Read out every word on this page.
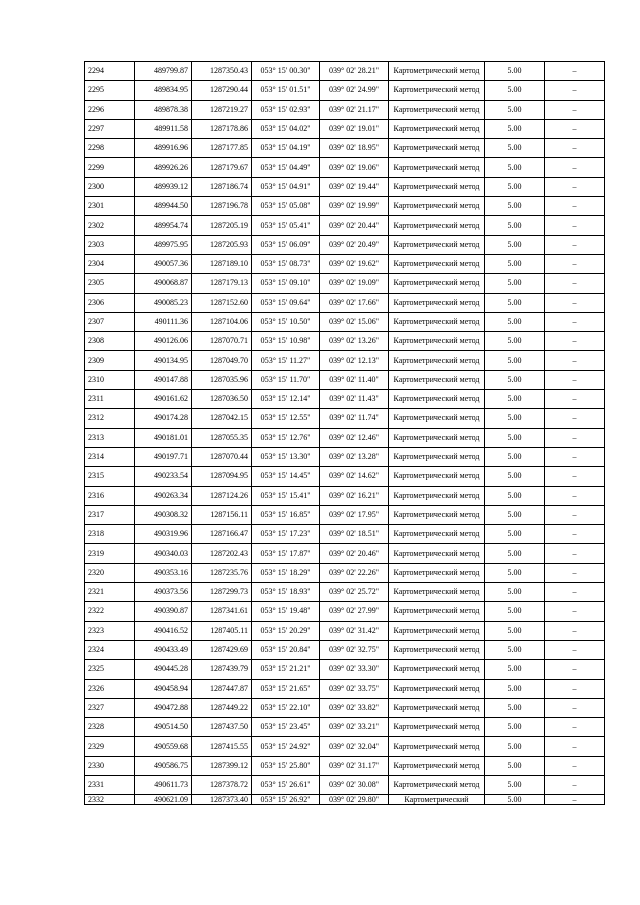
2294	489799.87	1287350.43	053° 15' 00.30"	039° 02' 28.21"	Картометрический метод	5.00	–
2295	489834.95	1287290.44	053° 15' 01.51"	039° 02' 24.99"	Картометрический метод	5.00	–
2296	489878.38	1287219.27	053° 15' 02.93"	039° 02' 21.17"	Картометрический метод	5.00	–
2297	489911.58	1287178.86	053° 15' 04.02"	039° 02' 19.01"	Картометрический метод	5.00	–
2298	489916.96	1287177.85	053° 15' 04.19"	039° 02' 18.95"	Картометрический метод	5.00	–
2299	489926.26	1287179.67	053° 15' 04.49"	039° 02' 19.06"	Картометрический метод	5.00	–
2300	489939.12	1287186.74	053° 15' 04.91"	039° 02' 19.44"	Картометрический метод	5.00	–
2301	489944.50	1287196.78	053° 15' 05.08"	039° 02' 19.99"	Картометрический метод	5.00	–
2302	489954.74	1287205.19	053° 15' 05.41"	039° 02' 20.44"	Картометрический метод	5.00	–
2303	489975.95	1287205.93	053° 15' 06.09"	039° 02' 20.49"	Картометрический метод	5.00	–
2304	490057.36	1287189.10	053° 15' 08.73"	039° 02' 19.62"	Картометрический метод	5.00	–
2305	490068.87	1287179.13	053° 15' 09.10"	039° 02' 19.09"	Картометрический метод	5.00	–
2306	490085.23	1287152.60	053° 15' 09.64"	039° 02' 17.66"	Картометрический метод	5.00	–
2307	490111.36	1287104.06	053° 15' 10.50"	039° 02' 15.06"	Картометрический метод	5.00	–
2308	490126.06	1287070.71	053° 15' 10.98"	039° 02' 13.26"	Картометрический метод	5.00	–
2309	490134.95	1287049.70	053° 15' 11.27"	039° 02' 12.13"	Картометрический метод	5.00	–
2310	490147.88	1287035.96	053° 15' 11.70"	039° 02' 11.40"	Картометрический метод	5.00	–
2311	490161.62	1287036.50	053° 15' 12.14"	039° 02' 11.43"	Картометрический метод	5.00	–
2312	490174.28	1287042.15	053° 15' 12.55"	039° 02' 11.74"	Картометрический метод	5.00	–
2313	490181.01	1287055.35	053° 15' 12.76"	039° 02' 12.46"	Картометрический метод	5.00	–
2314	490197.71	1287070.44	053° 15' 13.30"	039° 02' 13.28"	Картометрический метод	5.00	–
2315	490233.54	1287094.95	053° 15' 14.45"	039° 02' 14.62"	Картометрический метод	5.00	–
2316	490263.34	1287124.26	053° 15' 15.41"	039° 02' 16.21"	Картометрический метод	5.00	–
2317	490308.32	1287156.11	053° 15' 16.85"	039° 02' 17.95"	Картометрический метод	5.00	–
2318	490319.96	1287166.47	053° 15' 17.23"	039° 02' 18.51"	Картометрический метод	5.00	–
2319	490340.03	1287202.43	053° 15' 17.87"	039° 02' 20.46"	Картометрический метод	5.00	–
2320	490353.16	1287235.76	053° 15' 18.29"	039° 02' 22.26"	Картометрический метод	5.00	–
2321	490373.56	1287299.73	053° 15' 18.93"	039° 02' 25.72"	Картометрический метод	5.00	–
2322	490390.87	1287341.61	053° 15' 19.48"	039° 02' 27.99"	Картометрический метод	5.00	–
2323	490416.52	1287405.11	053° 15' 20.29"	039° 02' 31.42"	Картометрический метод	5.00	–
2324	490433.49	1287429.69	053° 15' 20.84"	039° 02' 32.75"	Картометрический метод	5.00	–
2325	490445.28	1287439.79	053° 15' 21.21"	039° 02' 33.30"	Картометрический метод	5.00	–
2326	490458.94	1287447.87	053° 15' 21.65"	039° 02' 33.75"	Картометрический метод	5.00	–
2327	490472.88	1287449.22	053° 15' 22.10"	039° 02' 33.82"	Картометрический метод	5.00	–
2328	490514.50	1287437.50	053° 15' 23.45"	039° 02' 33.21"	Картометрический метод	5.00	–
2329	490559.68	1287415.55	053° 15' 24.92"	039° 02' 32.04"	Картометрический метод	5.00	–
2330	490586.75	1287399.12	053° 15' 25.80"	039° 02' 31.17"	Картометрический метод	5.00	–
2331	490611.73	1287378.72	053° 15' 26.61"	039° 02' 30.08"	Картометрический метод	5.00	–
2332	490621.09	1287373.40	053° 15' 26.92"	039° 02' 29.80"	Картометрический	5.00	–
